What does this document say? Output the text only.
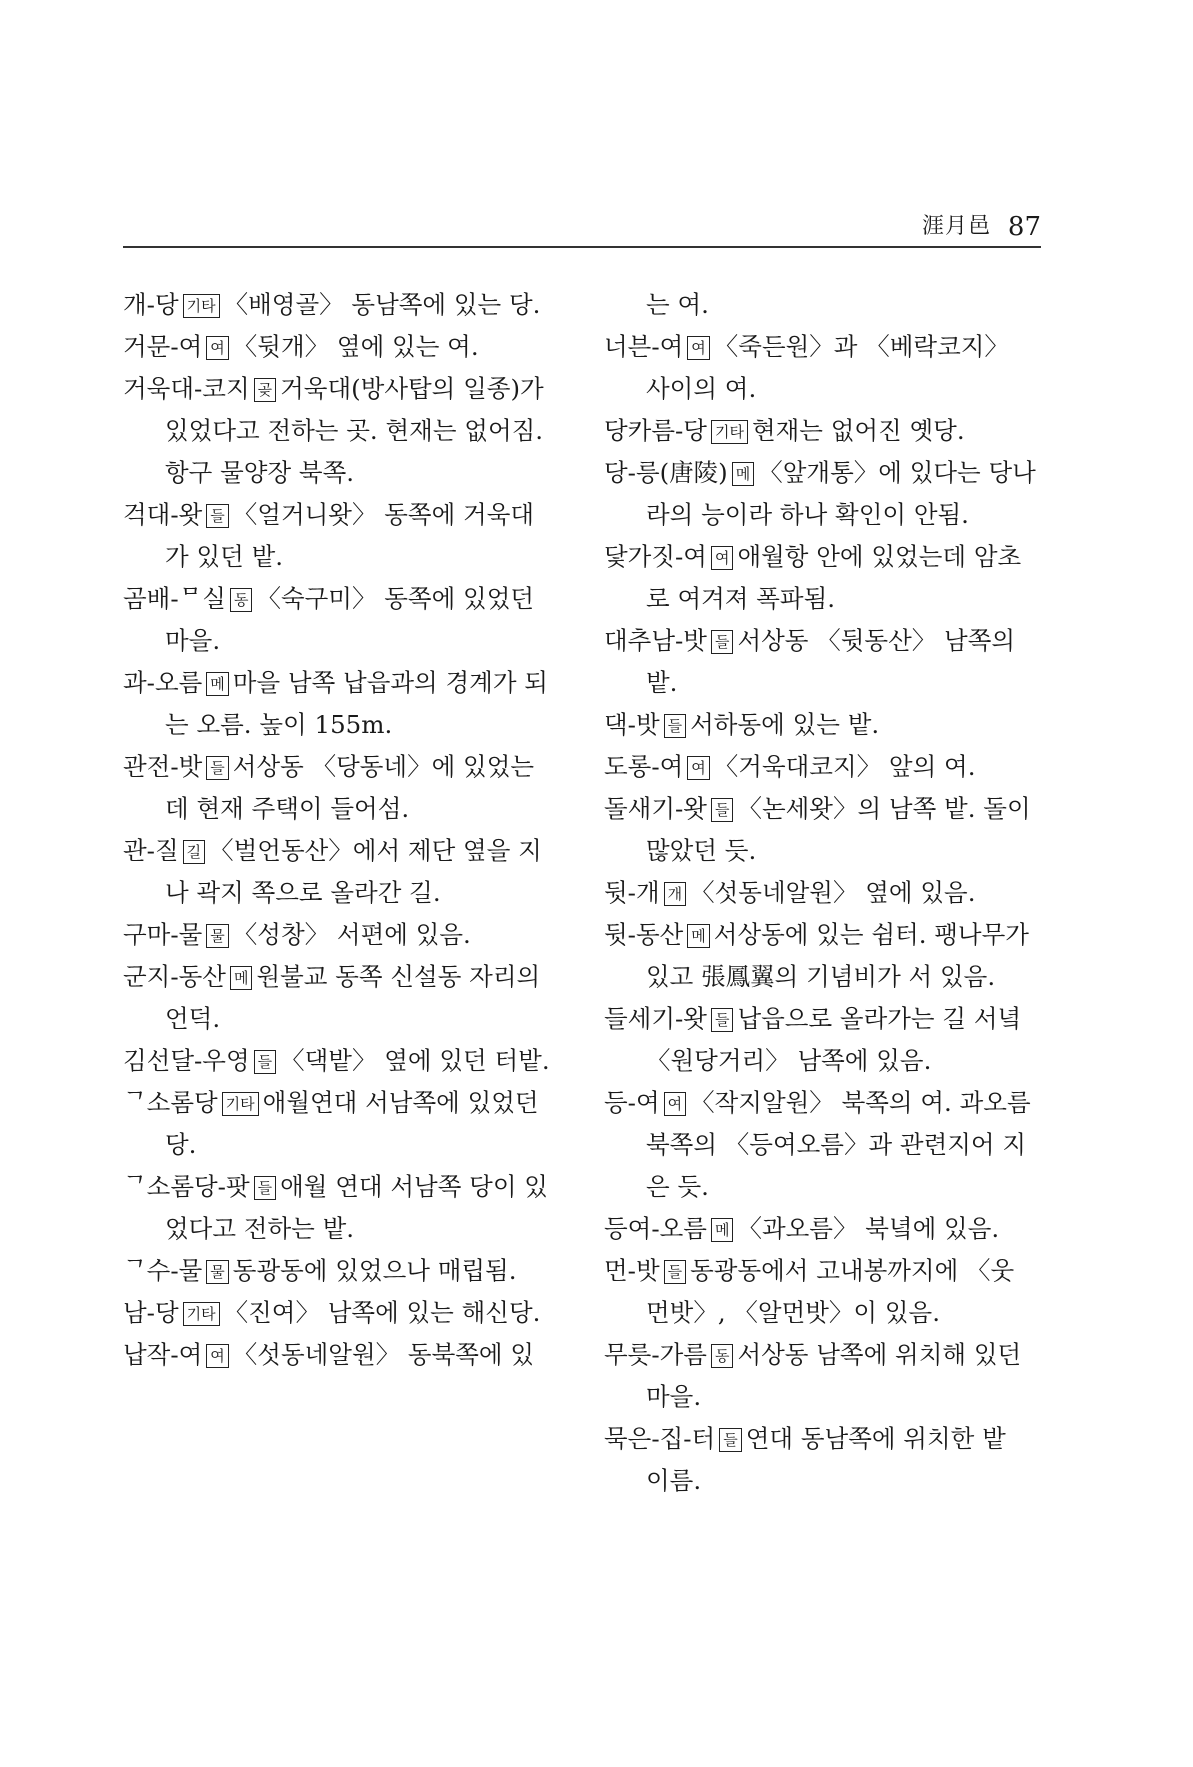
涯月邑 87

개-당 기타 〈배영골〉 동남쪽에 있는 당.

거문-여 여 〈뒷개〉 옆에 있는 여.

거욱대-코지 곶 거욱대(방사탑의 일종)가 있었다고 전하는 곳. 현재는 없어짐. 항구 물양장 북쪽.

걱대-왓 들 〈얼거니왓〉 동쪽에 거욱대가 있던 밭.

곰배-ᄆ실 동 〈숙구미〉 동쪽에 있었던 마을.

과-오름 메 마을 남쪽 납읍과의 경계가 되는 오름. 높이 155m.

관전-밧 들 서상동 〈당동네〉에 있었는데 현재 주택이 들어섬.

관-질 길 〈벌언동산〉에서 제단 옆을 지나 곽지 쪽으로 올라간 길.

구마-물 물 〈성창〉 서편에 있음.

군지-동산 메 원불교 동쪽 신설동 자리의 언덕.

김선달-우영 들 〈댁밭〉 옆에 있던 터밭.

ᄀ소롬당 기타 애월연대 서남쪽에 있었던 당.

ᄀ소롬당-팟 들 애월 연대 서남쪽 당이 있었다고 전하는 밭.

ᄀ수-물 물 동광동에 있었으나 매립됨.

남-당 기타 〈진여〉 남쪽에 있는 해신당.

납작-여 여 〈섯동네알원〉 동북쪽에 있

는 여.

너븐-여 여 〈죽든원〉과 〈베락코지〉 사이의 여.

당카름-당 기타 현재는 없어진 옛당.

당-릉(唐陵) 메 〈앞개통〉에 있다는 당나라의 능이라 하나 확인이 안됨.

닻가짓-여 여 애월항 안에 있었는데 암초로 여겨져 폭파됨.

대추남-밧 들 서상동 〈뒷동산〉 남쪽의 밭.

댁-밧 들 서하동에 있는 밭.

도롱-여 여 〈거욱대코지〉 앞의 여.

돌새기-왓 들 〈논세왓〉의 남쪽 밭. 돌이 많았던 듯.

뒷-개 개 〈섯동네알원〉 옆에 있음.

뒷-동산 메 서상동에 있는 쉼터. 팽나무가 있고 張鳳翼의 기념비가 서 있음.

들세기-왓 들 납읍으로 올라가는 길 서녘 〈원당거리〉 남쪽에 있음.

등-여 여 〈작지알원〉 북쪽의 여. 과오름 북쪽의 〈등여오름〉과 관련지어 지은 듯.

등여-오름 메 〈과오름〉 북녘에 있음.

먼-밧 들 동광동에서 고내봉까지에 〈웃먼밧〉, 〈알먼밧〉이 있음.

무릇-가름 동 서상동 남쪽에 위치해 있던 마을.

묵은-집-터 들 연대 동남쪽에 위치한 밭 이름.
